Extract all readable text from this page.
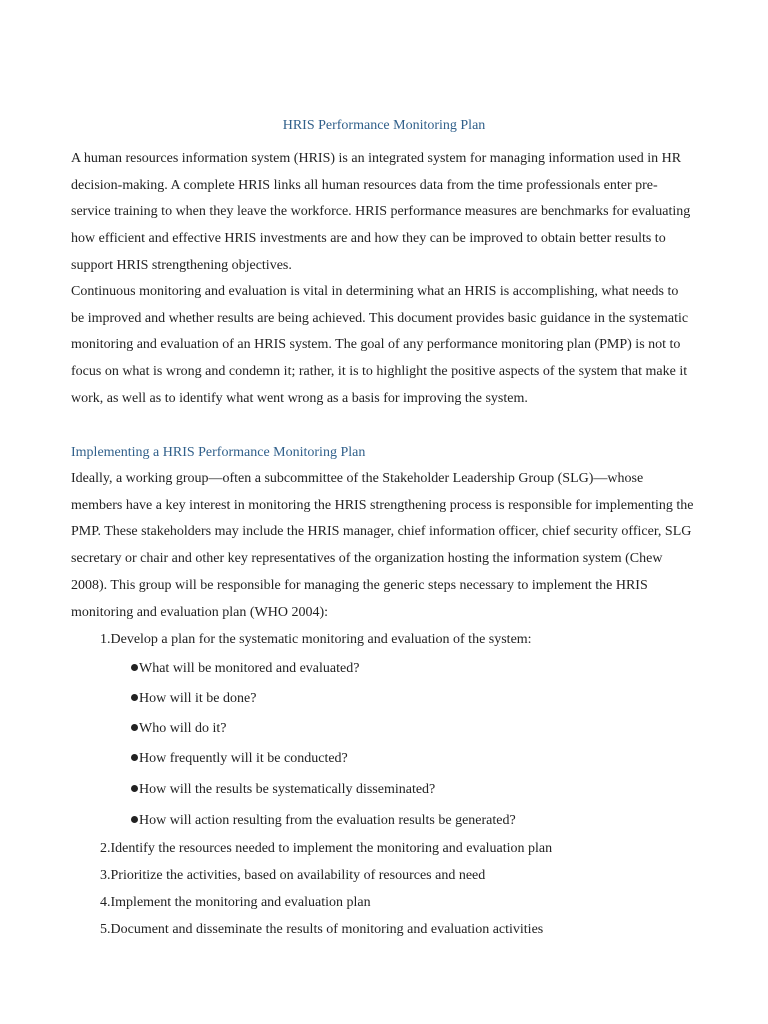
HRIS Performance Monitoring Plan

A human resources information system (HRIS) is an integrated system for managing information used in HR decision-making. A complete HRIS links all human resources data from the time professionals enter pre-service training to when they leave the workforce. HRIS performance measures are benchmarks for evaluating how efficient and effective HRIS investments are and how they can be improved to obtain better results to support HRIS strengthening objectives.

Continuous monitoring and evaluation is vital in determining what an HRIS is accomplishing, what needs to be improved and whether results are being achieved. This document provides basic guidance in the systematic monitoring and evaluation of an HRIS system. The goal of any performance monitoring plan (PMP) is not to focus on what is wrong and condemn it; rather, it is to highlight the positive aspects of the system that make it work, as well as to identify what went wrong as a basis for improving the system.

Implementing a HRIS Performance Monitoring Plan

Ideally, a working group—often a subcommittee of the Stakeholder Leadership Group (SLG)—whose members have a key interest in monitoring the HRIS strengthening process is responsible for implementing the PMP. These stakeholders may include the HRIS manager, chief information officer, chief security officer, SLG secretary or chair and other key representatives of the organization hosting the information system (Chew 2008). This group will be responsible for managing the generic steps necessary to implement the HRIS monitoring and evaluation plan (WHO 2004):

1.Develop a plan for the systematic monitoring and evaluation of the system:
What will be monitored and evaluated?
How will it be done?
Who will do it?
How frequently will it be conducted?
How will the results be systematically disseminated?
How will action resulting from the evaluation results be generated?
2.Identify the resources needed to implement the monitoring and evaluation plan
3.Prioritize the activities, based on availability of resources and need
4.Implement the monitoring and evaluation plan
5.Document and disseminate the results of monitoring and evaluation activities
